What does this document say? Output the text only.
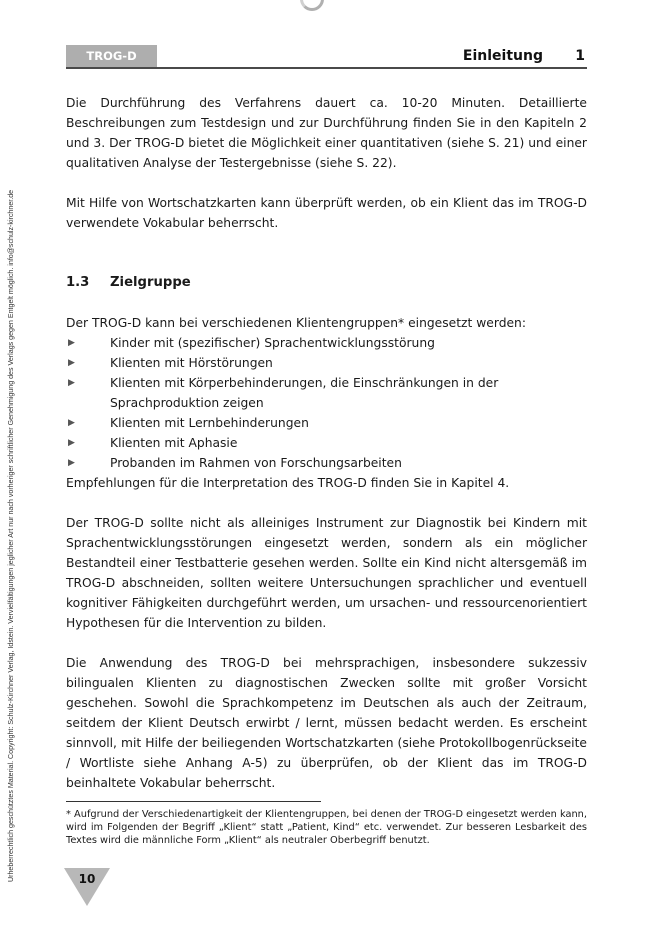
Urheberrechtlich geschütztes Material. Copyright: Schulz-Kirchner Verlag, Idstein. Vervielfältigungen jeglicher Art nur nach vorheriger schriftlicher Genehmigung des Verlags gegen Entgelt möglich. info@schulz-kirchner.de
TROG-D	Einleitung 1

Die Durchführung des Verfahrens dauert ca. 10-20 Minuten. Detaillierte Beschreibungen zum Testdesign und zur Durchführung finden Sie in den Kapiteln 2 und 3. Der TROG-D bietet die Möglichkeit einer quantitativen (siehe S. 21) und einer qualitativen Analyse der Testergebnisse (siehe S. 22).

Mit Hilfe von Wortschatzkarten kann überprüft werden, ob ein Klient das im TROG-D verwendete Vokabular beherrscht.

1.3 Zielgruppe

Der TROG-D kann bei verschiedenen Klientengruppen* eingesetzt werden:

▶	Kinder mit (spezifischer) Sprachentwicklungsstörung
▶	Klienten mit Hörstörungen
▶	Klienten mit Körperbehinderungen, die Einschränkungen in der Sprachproduktion zeigen
▶	Klienten mit Lernbehinderungen
▶	Klienten mit Aphasie
▶	Probanden im Rahmen von Forschungsarbeiten

Empfehlungen für die Interpretation des TROG-D finden Sie in Kapitel 4.

Der TROG-D sollte nicht als alleiniges Instrument zur Diagnostik bei Kindern mit Sprachentwicklungsstörungen eingesetzt werden, sondern als ein möglicher Bestandteil einer Testbatterie gesehen werden. Sollte ein Kind nicht altersgemäß im TROG-D abschneiden, sollten weitere Untersuchungen sprachlicher und eventuell kognitiver Fähigkeiten durchgeführt werden, um ursachen- und ressourcenorientiert Hypothesen für die Intervention zu bilden.

Die Anwendung des TROG-D bei mehrsprachigen, insbesondere sukzessiv bilingualen Klienten zu diagnostischen Zwecken sollte mit großer Vorsicht geschehen. Sowohl die Sprachkompetenz im Deutschen als auch der Zeitraum, seitdem der Klient Deutsch erwirbt / lernt, müssen bedacht werden. Es erscheint sinnvoll, mit Hilfe der beiliegenden Wortschatzkarten (siehe Protokollbogenrückseite / Wortliste siehe Anhang A-5) zu überprüfen, ob der Klient das im TROG-D beinhaltete Vokabular beherrscht.

* Aufgrund der Verschiedenartigkeit der Klientengruppen, bei denen der TROG-D eingesetzt werden kann, wird im Folgenden der Begriff „Klient“ statt „Patient, Kind“ etc. verwendet. Zur besseren Lesbarkeit des Textes wird die männliche Form „Klient“ als neutraler Oberbegriff benutzt.
10
